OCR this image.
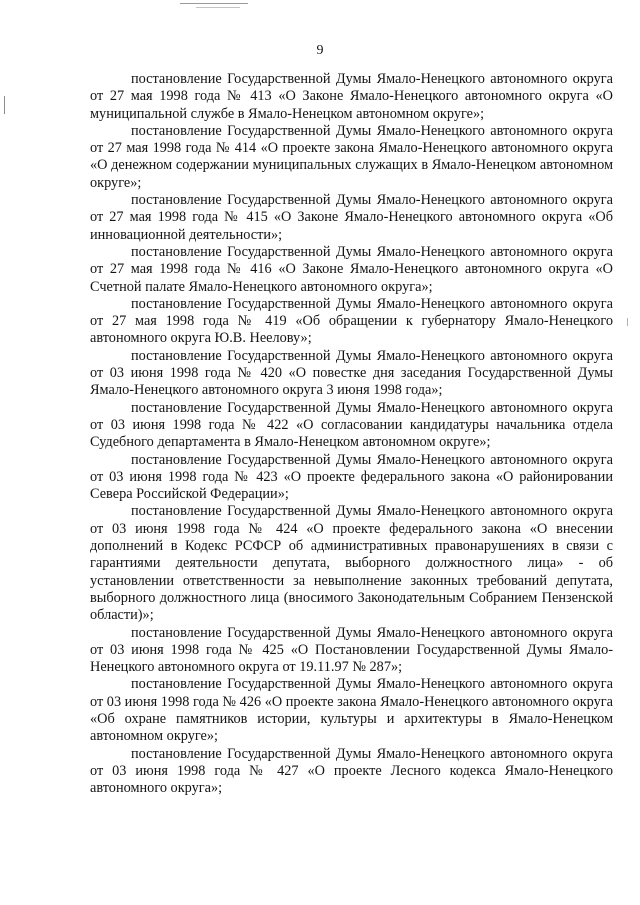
9

постановление Государственной Думы Ямало-Ненецкого автономного округа от 27 мая 1998 года № 413 «О Законе Ямало-Ненецкого автономного округа «О муниципальной службе в Ямало-Ненецком автономном округе»;

постановление Государственной Думы Ямало-Ненецкого автономного округа от 27 мая 1998 года № 414 «О проекте закона Ямало-Ненецкого автономного округа «О денежном содержании муниципальных служащих в Ямало-Ненецком автономном округе»;

постановление Государственной Думы Ямало-Ненецкого автономного округа от 27 мая 1998 года № 415 «О Законе Ямало-Ненецкого автономного округа «Об инновационной деятельности»;

постановление Государственной Думы Ямало-Ненецкого автономного округа от 27 мая 1998 года № 416 «О Законе Ямало-Ненецкого автономного округа «О Счетной палате Ямало-Ненецкого автономного округа»;

постановление Государственной Думы Ямало-Ненецкого автономного округа от 27 мая 1998 года № 419 «Об обращении к губернатору Ямало-Ненецкого автономного округа Ю.В. Неелову»;

постановление Государственной Думы Ямало-Ненецкого автономного округа от 03 июня 1998 года № 420 «О повестке дня заседания Государственной Думы Ямало-Ненецкого автономного округа 3 июня 1998 года»;

постановление Государственной Думы Ямало-Ненецкого автономного округа от 03 июня 1998 года № 422 «О согласовании кандидатуры начальника отдела Судебного департамента в Ямало-Ненецком автономном округе»;

постановление Государственной Думы Ямало-Ненецкого автономного округа от 03 июня 1998 года № 423 «О проекте федерального закона «О районировании Севера Российской Федерации»;

постановление Государственной Думы Ямало-Ненецкого автономного округа от 03 июня 1998 года № 424 «О проекте федерального закона «О внесении дополнений в Кодекс РСФСР об административных правонарушениях в связи с гарантиями деятельности депутата, выборного должностного лица» - об установлении ответственности за невыполнение законных требований депутата, выборного должностного лица (вносимого Законодательным Собранием Пензенской области)»;

постановление Государственной Думы Ямало-Ненецкого автономного округа от 03 июня 1998 года № 425 «О Постановлении Государственной Думы Ямало-Ненецкого автономного округа от 19.11.97 № 287»;

постановление Государственной Думы Ямало-Ненецкого автономного округа от 03 июня 1998 года № 426 «О проекте закона Ямало-Ненецкого автономного округа «Об охране памятников истории, культуры и архитектуры в Ямало-Ненецком автономном округе»;

постановление Государственной Думы Ямало-Ненецкого автономного округа от 03 июня 1998 года № 427 «О проекте Лесного кодекса Ямало-Ненецкого автономного округа»;
